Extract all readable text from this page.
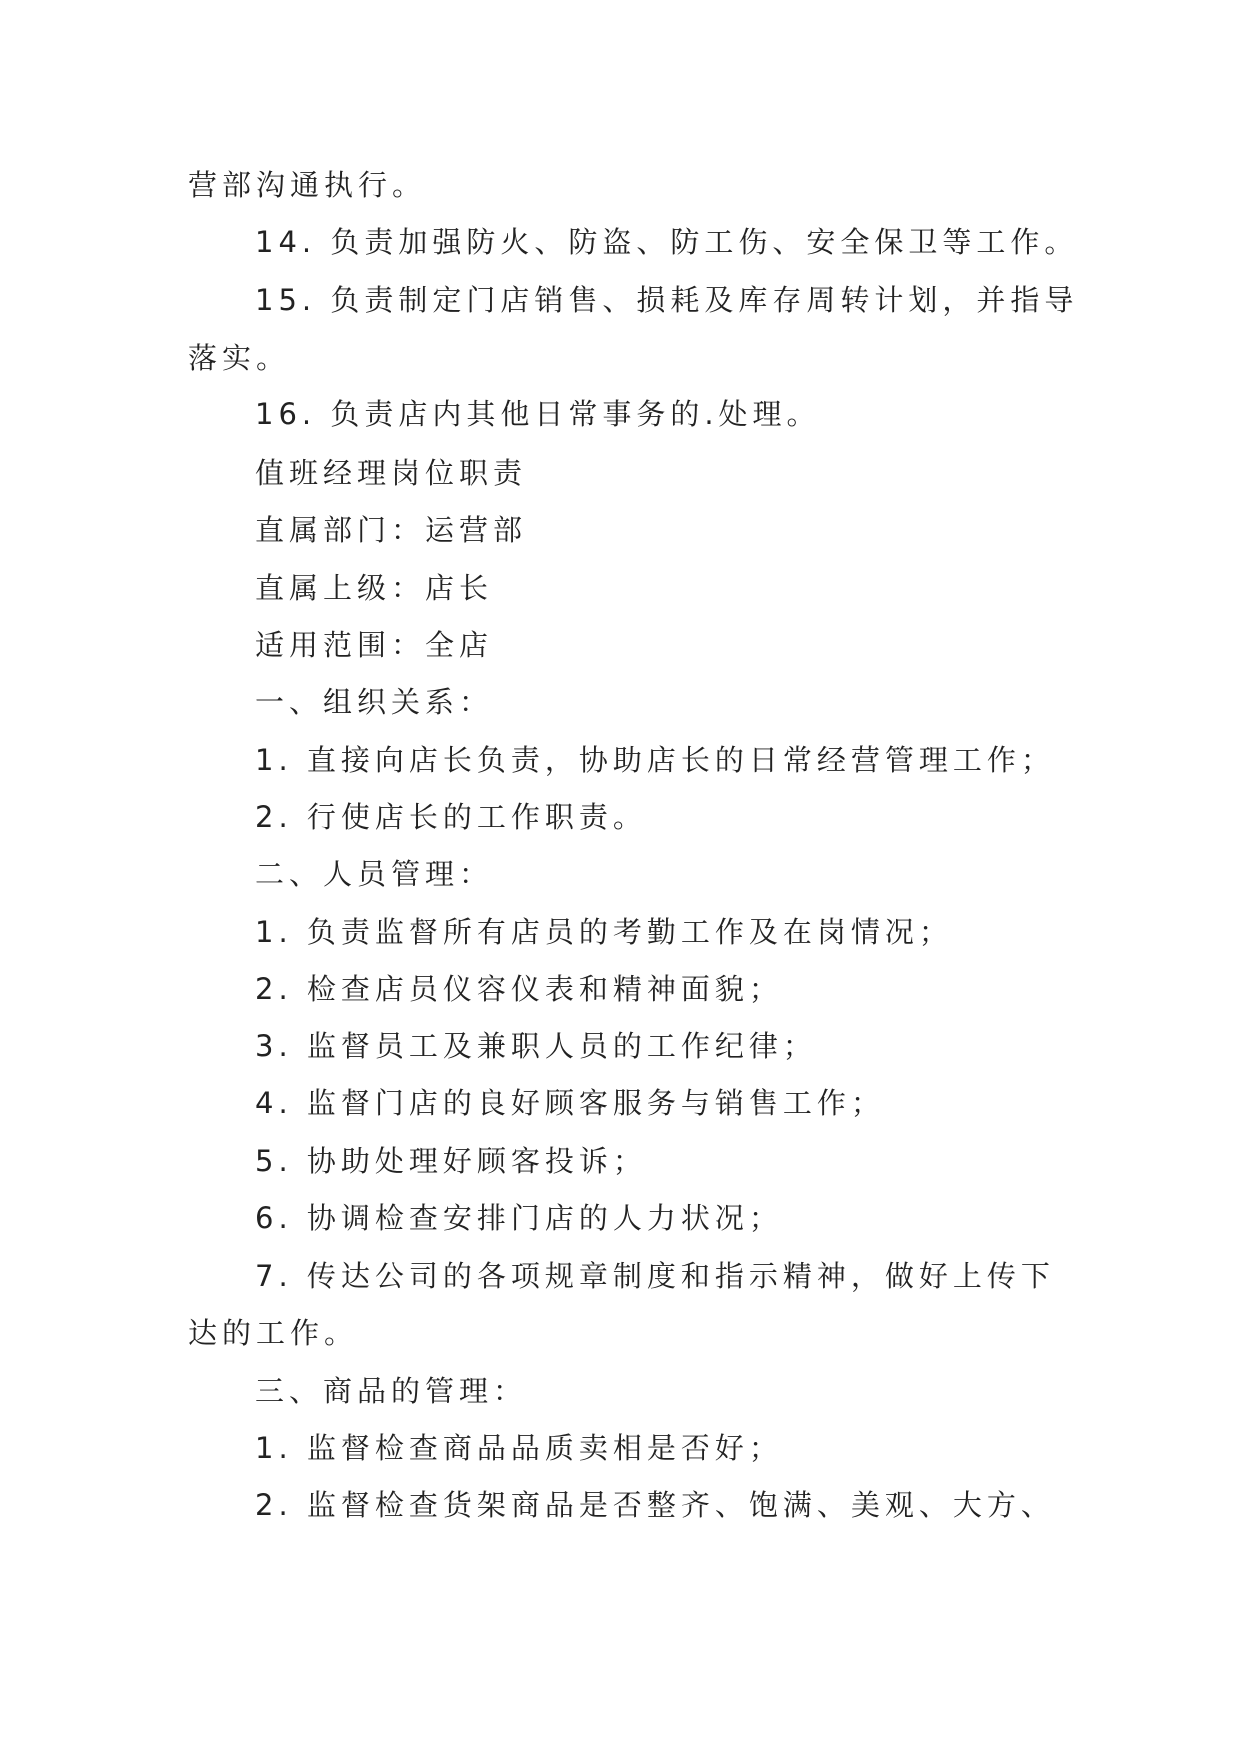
营部沟通执行。
14. 负责加强防火、防盗、防工伤、安全保卫等工作。
15. 负责制定门店销售、损耗及库存周转计划，并指导
落实。
16. 负责店内其他日常事务的.处理。
值班经理岗位职责
直属部门：运营部
直属上级：店长
适用范围：全店
一、组织关系：
1. 直接向店长负责，协助店长的日常经营管理工作；
2. 行使店长的工作职责。
二、人员管理：
1. 负责监督所有店员的考勤工作及在岗情况；
2. 检查店员仪容仪表和精神面貌；
3. 监督员工及兼职人员的工作纪律；
4. 监督门店的良好顾客服务与销售工作；
5. 协助处理好顾客投诉；
6. 协调检查安排门店的人力状况；
7. 传达公司的各项规章制度和指示精神，做好上传下
达的工作。
三、商品的管理：
1. 监督检查商品品质卖相是否好；
2. 监督检查货架商品是否整齐、饱满、美观、大方、
